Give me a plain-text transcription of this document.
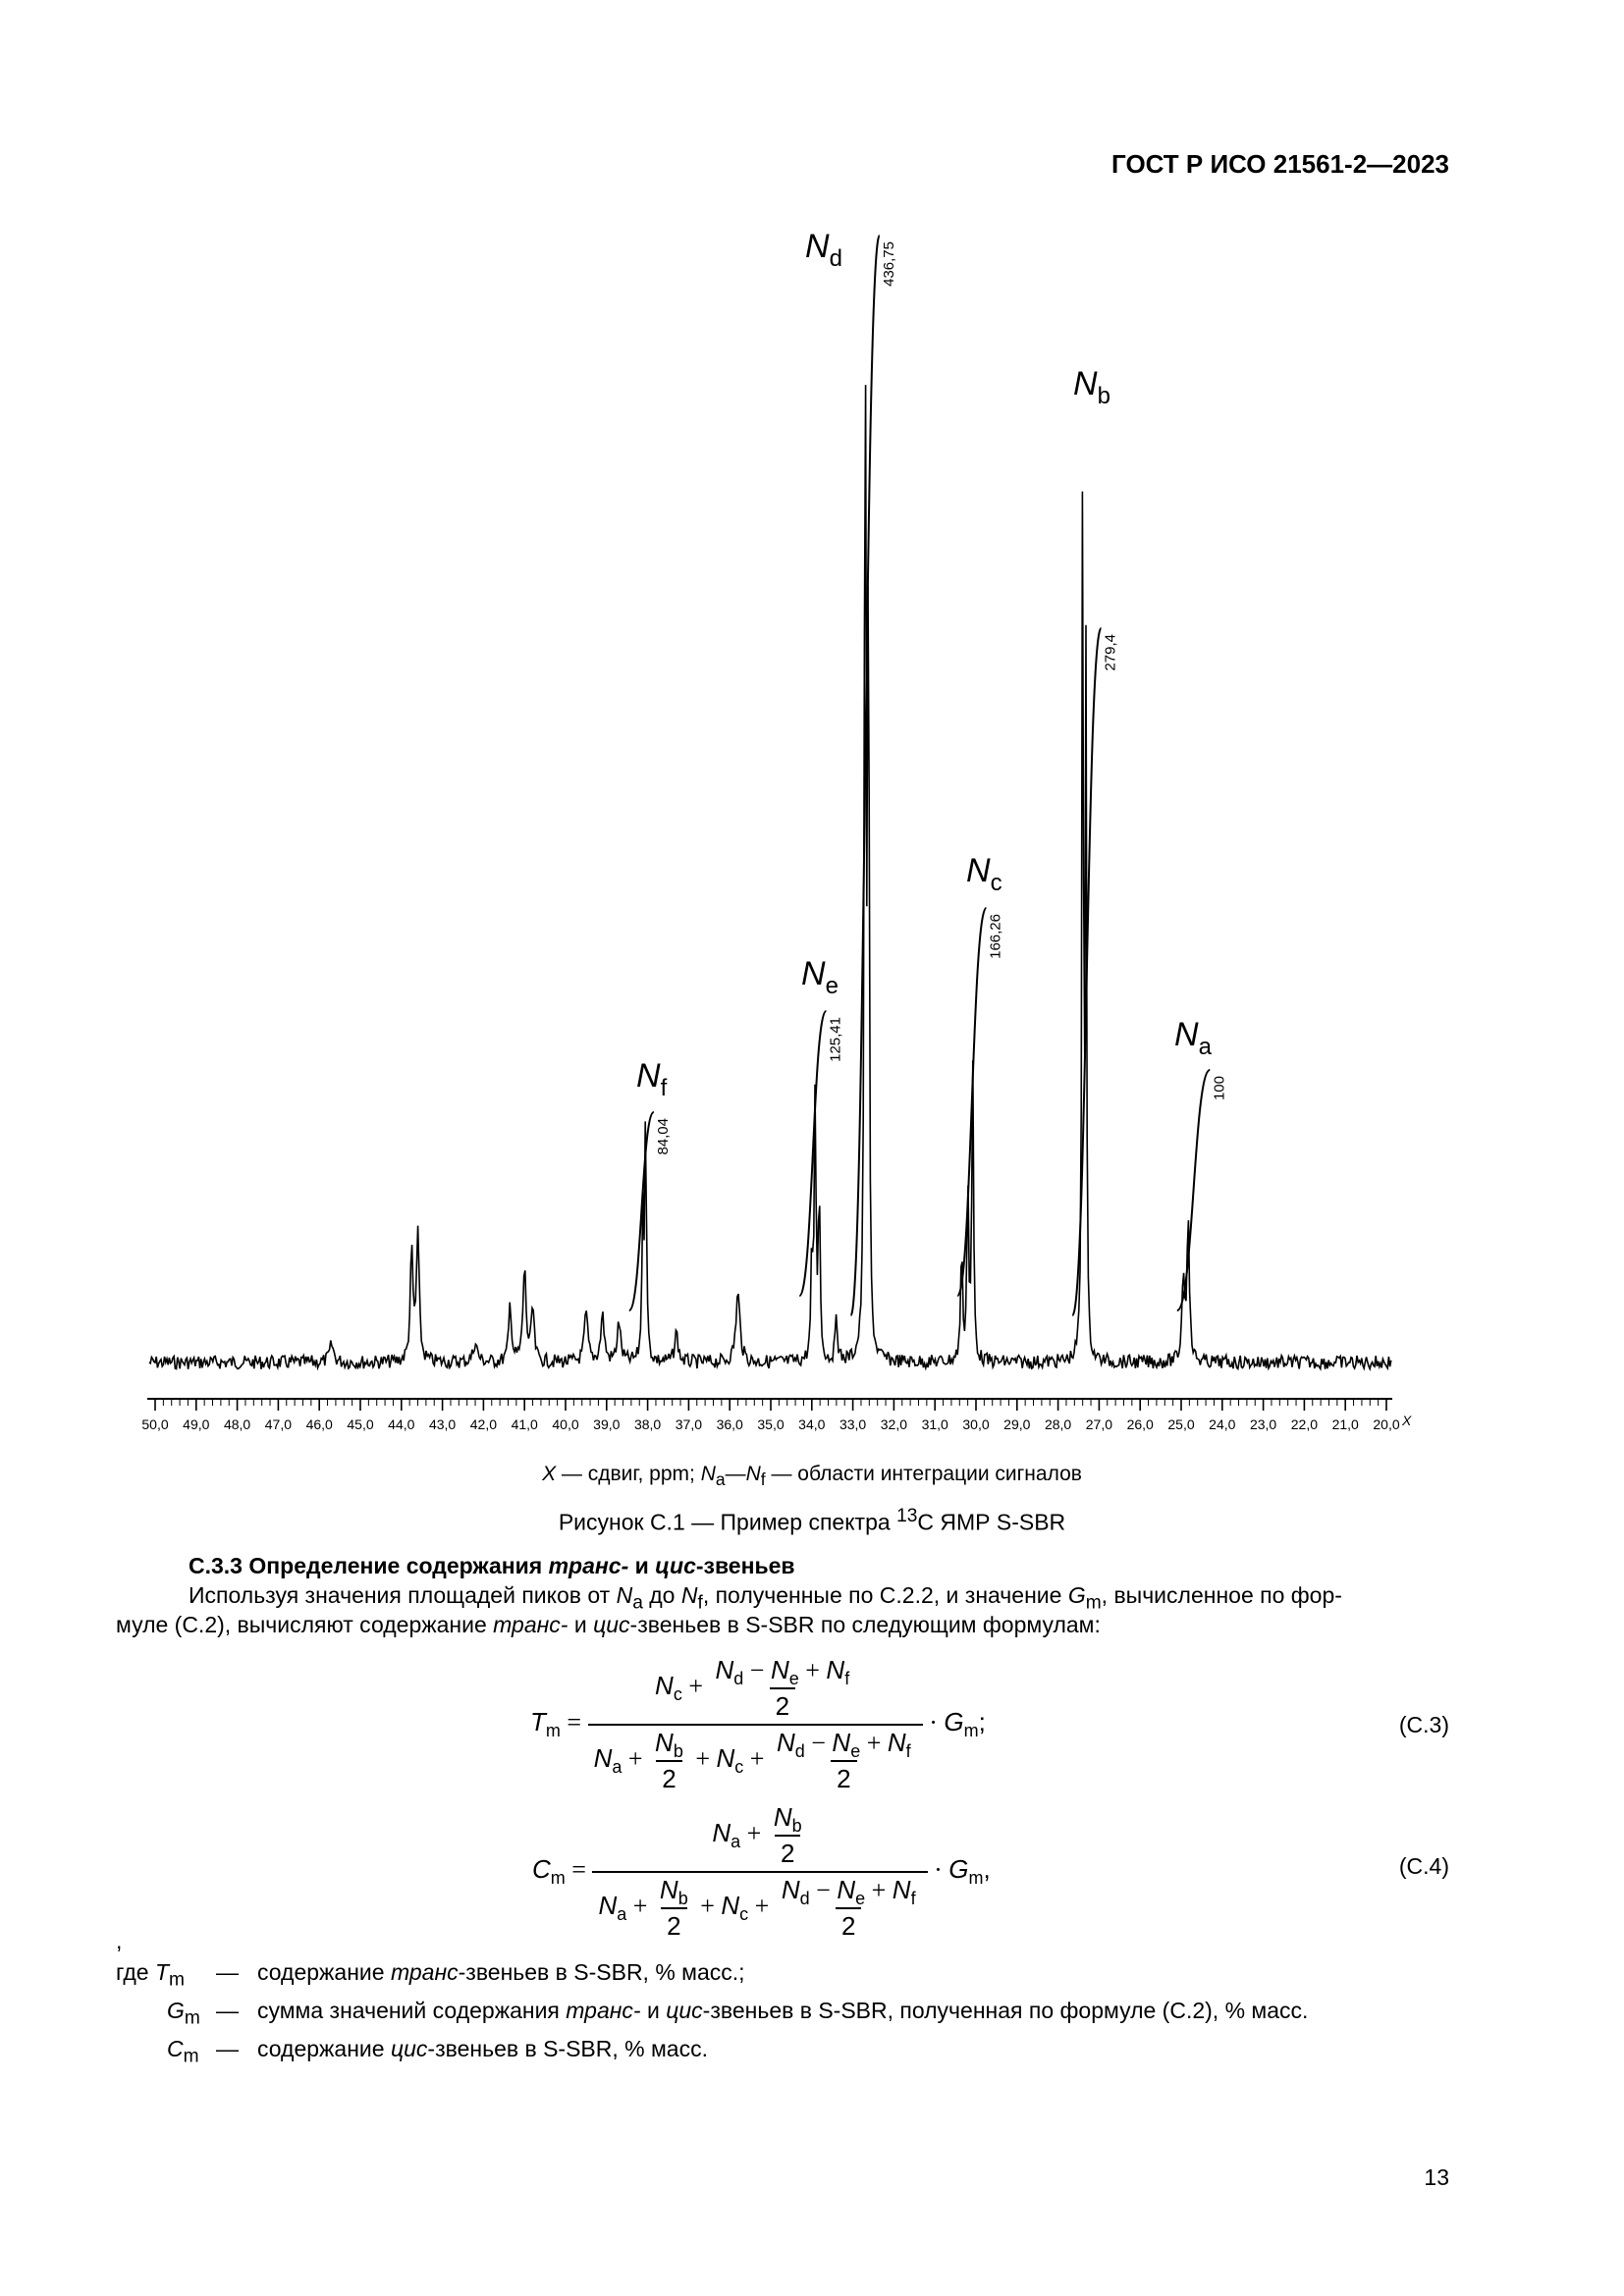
ГОСТ Р ИСО 21561-2—2023
50,0 49,0 48,0 47,0 46,0 45,0 44,0 43,0 42,0 41,0 40,0 39,0 38,0 37,0 36,0 35,0 34,0 33,0 32,0 31,0 30,0 29,0 28,0 27,0 26,0 25,0 24,0 23,0 22,0 21,0 20,0 X
100
279,4
166,26
436,75
125,41
84,04
$N_a$
$N_b$
$N_c$
$N_d$
$N_e$
$N_f$
X — сдвиг, ppm; $N_a—N_f$ — области интеграции сигналов
Рисунок С.1 — Пример спектра $^{13}$С ЯМР S-SBR
С.3.3 Определение содержания транс- и цис-звеньев
Используя значения площадей пиков от $N_a$ до $N_f$, полученные по С.2.2, и значение $G_m$, вычисленное по фор-
муле (С.2), вычисляют содержание транс- и цис-звеньев в S-SBR по следующим формулам:
$T_m = \frac{N_c + \frac{N_d - N_e + N_f}{2}}{N_a + \frac{N_b}{2} + N_c + \frac{N_d - N_e + N_f}{2}} \cdot G_m$;	(С.3)
$C_m = \frac{N_a + \frac{N_b}{2}}{N_a + \frac{N_b}{2} + N_c + \frac{N_d - N_e + N_f}{2}} \cdot G_m$,	(С.4)
,
где $T_m$ — содержание транс-звеньев в S-SBR, % масс.;
$G_m$ — сумма значений содержания транс- и цис-звеньев в S-SBR, полученная по формуле (С.2), % масс.
$C_m$ — содержание цис-звеньев в S-SBR, % масс.
13
